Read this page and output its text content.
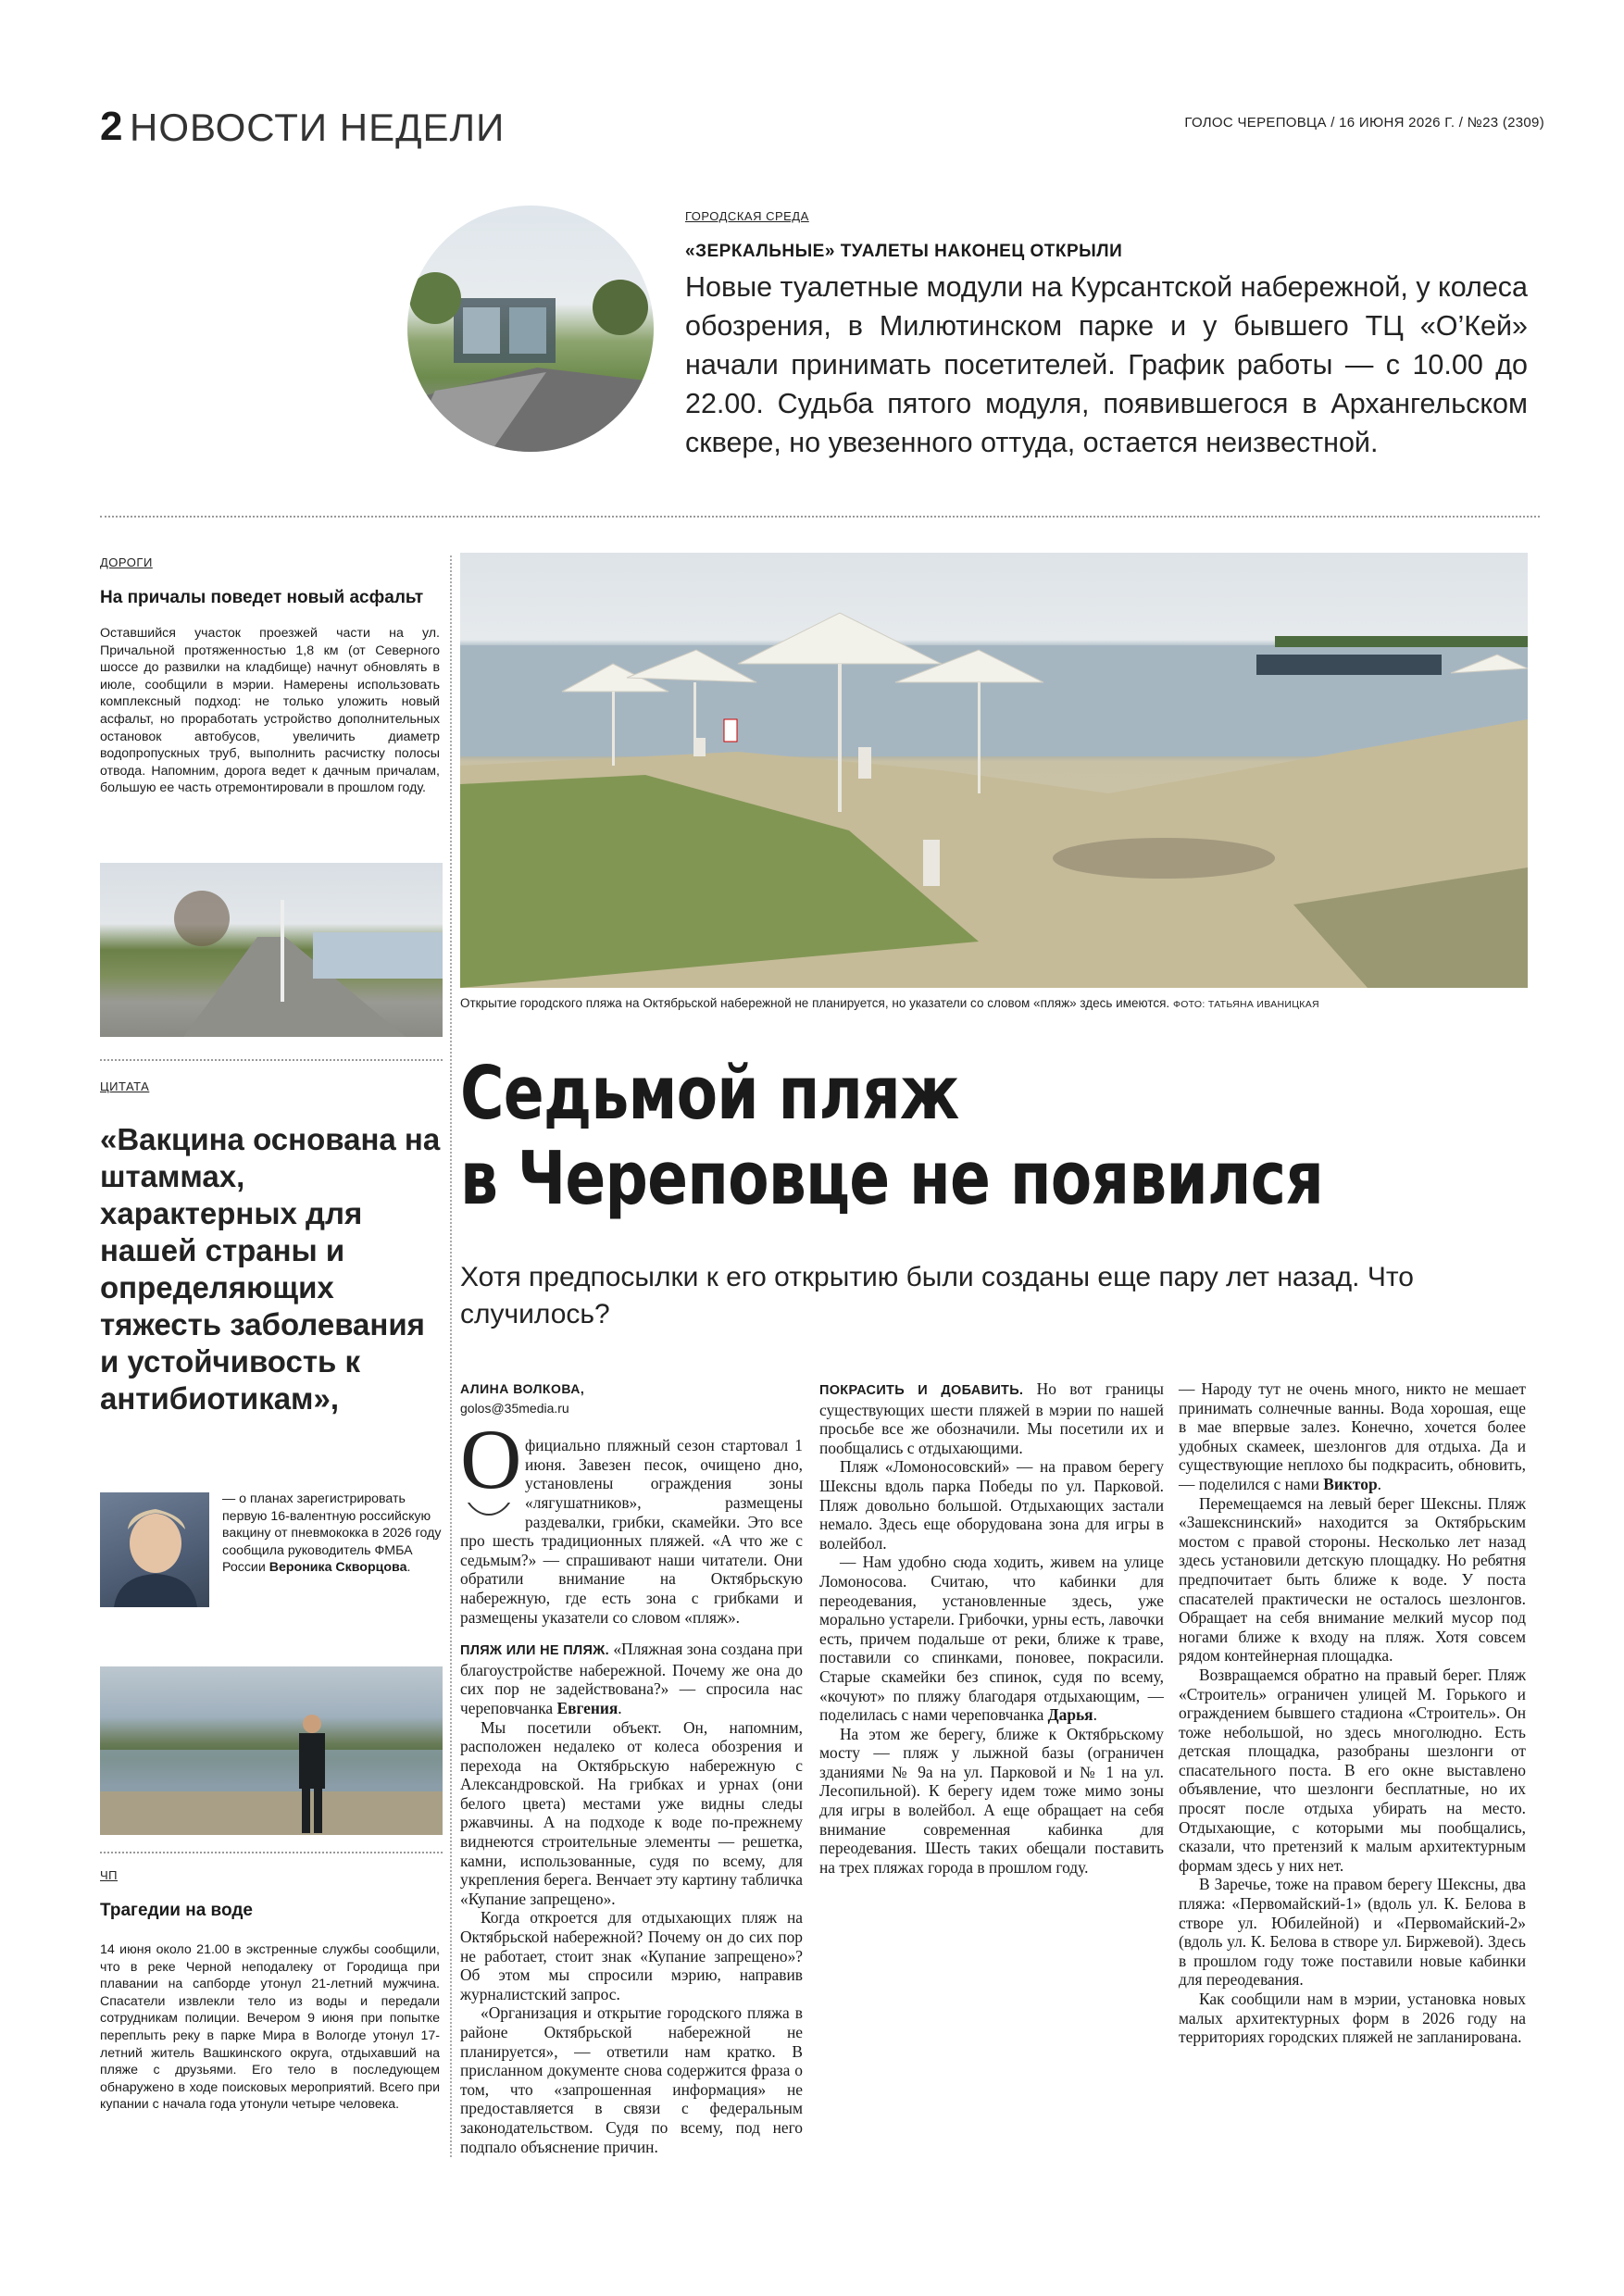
2 НОВОСТИ НЕДЕЛИ	ГОЛОС ЧЕРЕПОВЦА / 16 ИЮНЯ 2026 Г. / №23 (2309)
ГОРОДСКАЯ СРЕДА
«ЗЕРКАЛЬНЫЕ» ТУАЛЕТЫ НАКОНЕЦ ОТКРЫЛИ
Новые туалетные модули на Курсантской набережной, у колеса обозрения, в Милютинском парке и у бывшего ТЦ «О’Кей» начали принимать посетителей. График работы — с 10.00 до 22.00. Судьба пятого модуля, появившегося в Архангельском сквере, но увезенного оттуда, остается неизвестной.
ДОРОГИ
На причалы поведет новый асфальт
Оставшийся участок проезжей части на ул. Причальной протяженностью 1,8 км (от Северного шоссе до развилки на кладбище) начнут обновлять в июле, сообщили в мэрии. Намерены использовать комплексный подход: не только уложить новый асфальт, но проработать устройство дополнительных остановок автобусов, увеличить диаметр водопропускных труб, выполнить расчистку полосы отвода. Напомним, дорога ведет к дачным причалам, большую ее часть отремонтировали в прошлом году.
ЦИТАТА
«Вакцина основана на штаммах, характерных для нашей страны и определяющих тяжесть заболевания и устойчивость к антибиотикам»,
— о планах зарегистрировать первую 16-валентную российскую вакцину от пневмококка в 2026 году сообщила руководитель ФМБА России Вероника Скворцова.
ЧП
Трагедии на воде
14 июня около 21.00 в экстренные службы сообщили, что в реке Черной неподалеку от Городища при плавании на сапборде утонул 21-летний мужчина. Спасатели извлекли тело из воды и передали сотрудникам полиции. Вечером 9 июня при попытке переплыть реку в парке Мира в Вологде утонул 17-летний житель Вашкинского округа, отдыхавший на пляже с друзьями. Его тело в последующем обнаружено в ходе поисковых мероприятий. Всего при купании с начала года утонули четыре человека.
Открытие городского пляжа на Октябрьской набережной не планируется, но указатели со словом «пляж» здесь имеются. ФОТО: ТАТЬЯНА ИВАНИЦКАЯ
Седьмой пляж
в Череповце не появился
Хотя предпосылки к его открытию были созданы еще пару лет назад. Что случилось?
АЛИНА ВОЛКОВА,
golos@35media.ru

фициально пляжный сезон стартовал 1 июня. Завезен песок, очищено дно, установлены ограждения зоны «лягушатников», размещены раздевалки, грибки, скамейки. Это все про шесть традиционных пляжей. «А что же с седьмым?» — спрашивают наши читатели. Они обратили внимание на Октябрьскую набережную, где есть зона с грибками и размещены указатели со словом «пляж».

ПЛЯЖ ИЛИ НЕ ПЛЯЖ. «Пляжная зона создана при благоустройстве набережной. Почему же она до сих пор не задействована?» — спросила нас череповчанка Евгения.

Мы посетили объект. Он, напомним, расположен недалеко от колеса обозрения и перехода на Октябрьскую набережную с Александровской. На грибках и урнах (они белого цвета) местами уже видны следы ржавчины. А на подходе к воде по-прежнему виднеются строительные элементы — решетка, камни, использованные, судя по всему, для укрепления берега. Венчает эту картину табличка «Купание запрещено».

Когда откроется для отдыхающих пляж на Октябрьской набережной? Почему он до сих пор не работает, стоит знак «Купание запрещено»? Об этом мы спросили мэрию, направив журналистский запрос.

«Организация и открытие городского пляжа в районе Октябрьской набережной не планируется», — ответили нам кратко. В присланном документе снова содержится фраза о том, что «запрошенная информация» не предоставляется в связи с федеральным законодательством. Судя по всему, под него подпало объяснение причин.

ПОКРАСИТЬ И ДОБАВИТЬ. Но вот границы существующих шести пляжей в мэрии по нашей просьбе все же обозначили. Мы посетили их и пообщались с отдыхающими.

Пляж «Ломоносовский» — на правом берегу Шексны вдоль парка Победы по ул. Парковой. Пляж довольно большой. Отдыхающих застали немало. Здесь еще оборудована зона для игры в волейбол.

— Нам удобно сюда ходить, живем на улице Ломоносова. Считаю, что кабинки для переодевания, установленные здесь, уже морально устарели. Грибочки, урны есть, лавочки есть, причем подальше от реки, ближе к траве, поставили со спинками, поновее, покрасили. Старые скамейки без спинок, судя по всему, «кочуют» по пляжу благодаря отдыхающим, — поделилась с нами череповчанка Дарья.

На этом же берегу, ближе к Октябрьскому мосту — пляж у лыжной базы (ограничен зданиями № 9а на ул. Парковой и № 1 на ул. Лесопильной). К берегу идем тоже мимо зоны для игры в волейбол. А еще обращает на себя внимание современная кабинка для переодевания. Шесть таких обещали поставить на трех пляжах города в прошлом году.

— Народу тут не очень много, никто не мешает принимать солнечные ванны. Вода хорошая, еще в мае впервые залез. Конечно, хочется более удобных скамеек, шезлонгов для отдыха. Да и существующие неплохо бы подкрасить, обновить, — поделился с нами Виктор.

Перемещаемся на левый берег Шексны. Пляж «Зашекснинский» находится за Октябрьским мостом с правой стороны. Несколько лет назад здесь установили детскую площадку. Но ребятня предпочитает быть ближе к воде. У поста спасателей практически не осталось шезлонгов. Обращает на себя внимание мелкий мусор под ногами ближе к входу на пляж. Хотя совсем рядом контейнерная площадка.

Возвращаемся обратно на правый берег. Пляж «Строитель» ограничен улицей М. Горького и ограждением бывшего стадиона «Строитель». Он тоже небольшой, но здесь многолюдно. Есть детская площадка, разобраны шезлонги от спасательного поста. В его окне выставлено объявление, что шезлонги бесплатные, но их просят после отдыха убирать на место. Отдыхающие, с которыми мы пообщались, сказали, что претензий к малым архитектурным формам здесь у них нет.

В Заречье, тоже на правом берегу Шексны, два пляжа: «Первомайский-1» (вдоль ул. К. Белова в створе ул. Юбилейной) и «Первомайский-2» (вдоль ул. К. Белова в створе ул. Биржевой). Здесь в прошлом году тоже поставили новые кабинки для переодевания.

Как сообщили нам в мэрии, установка новых малых архитектурных форм в 2026 году на территориях городских пляжей не запланирована.

О
